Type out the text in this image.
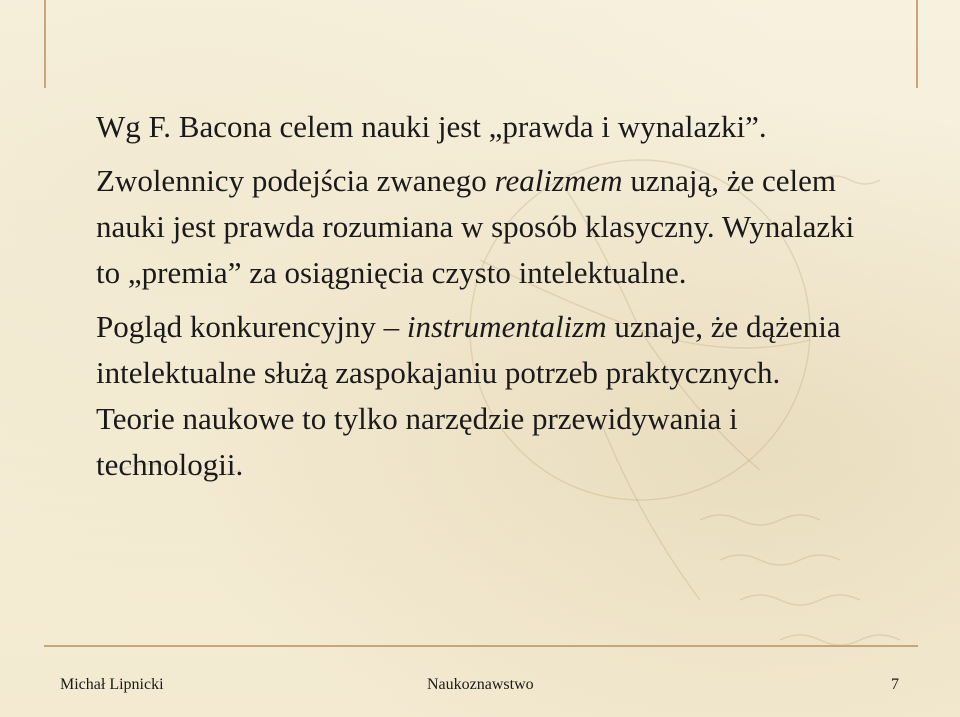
Wg F. Bacona celem nauki jest „prawda i wynalazki”.

Zwolennicy podejścia zwanego realizmem uznają, że celem nauki jest prawda rozumiana w sposób klasyczny. Wynalazki to „premia” za osiągnięcia czysto intelektualne.

Pogląd konkurencyjny – instrumentalizm uznaje, że dążenia intelektualne służą zaspokajaniu potrzeb praktycznych. Teorie naukowe to tylko narzędzie przewidywania i technologii.

Michał Lipnicki	Naukoznawstwo	7
